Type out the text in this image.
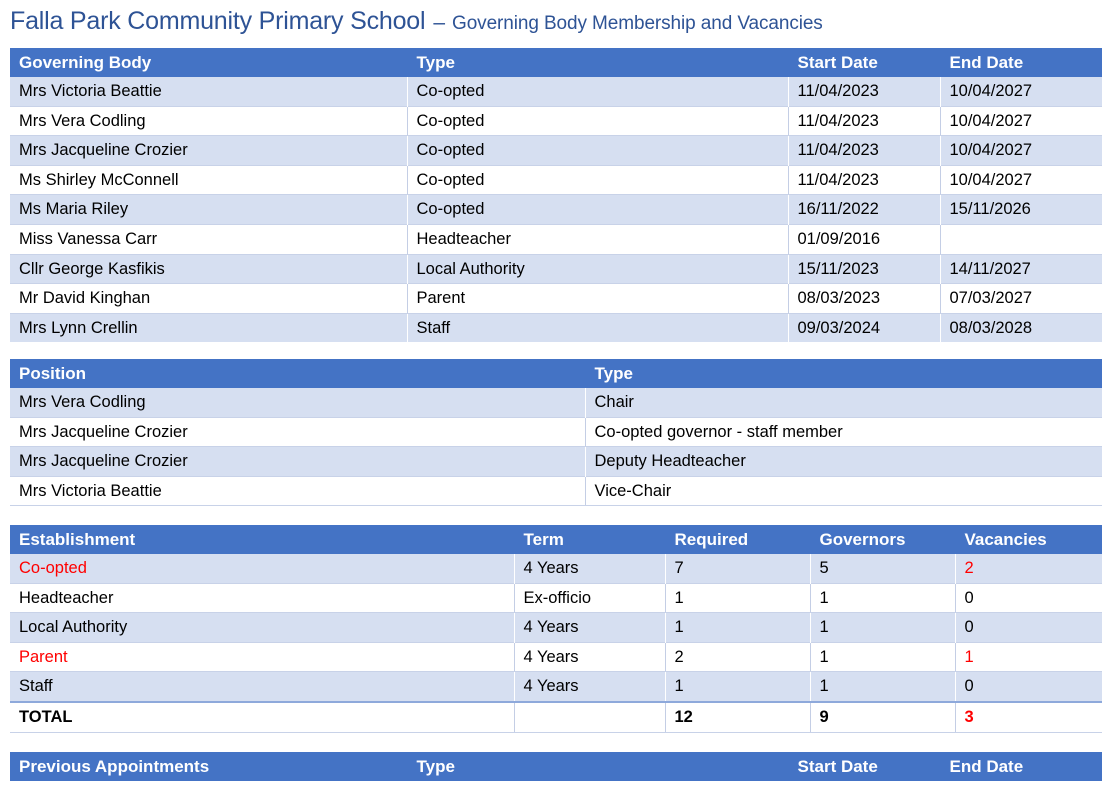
Falla Park Community Primary School – Governing Body Membership and Vacancies
Governing Body	Type	Start Date	End Date
Mrs Victoria Beattie	Co-opted	11/04/2023	10/04/2027
Mrs Vera Codling	Co-opted	11/04/2023	10/04/2027
Mrs Jacqueline Crozier	Co-opted	11/04/2023	10/04/2027
Ms Shirley McConnell	Co-opted	11/04/2023	10/04/2027
Ms Maria Riley	Co-opted	16/11/2022	15/11/2026
Miss Vanessa Carr	Headteacher	01/09/2016	
Cllr George Kasfikis	Local Authority	15/11/2023	14/11/2027
Mr David Kinghan	Parent	08/03/2023	07/03/2027
Mrs Lynn Crellin	Staff	09/03/2024	08/03/2028
Position	Type
Mrs Vera Codling	Chair
Mrs Jacqueline Crozier	Co-opted governor - staff member
Mrs Jacqueline Crozier	Deputy Headteacher
Mrs Victoria Beattie	Vice-Chair
Establishment	Term	Required	Governors	Vacancies
Co-opted	4 Years	7	5	2
Headteacher	Ex-officio	1	1	0
Local Authority	4 Years	1	1	0
Parent	4 Years	2	1	1
Staff	4 Years	1	1	0
TOTAL		12	9	3
Previous Appointments	Type	Start Date	End Date
